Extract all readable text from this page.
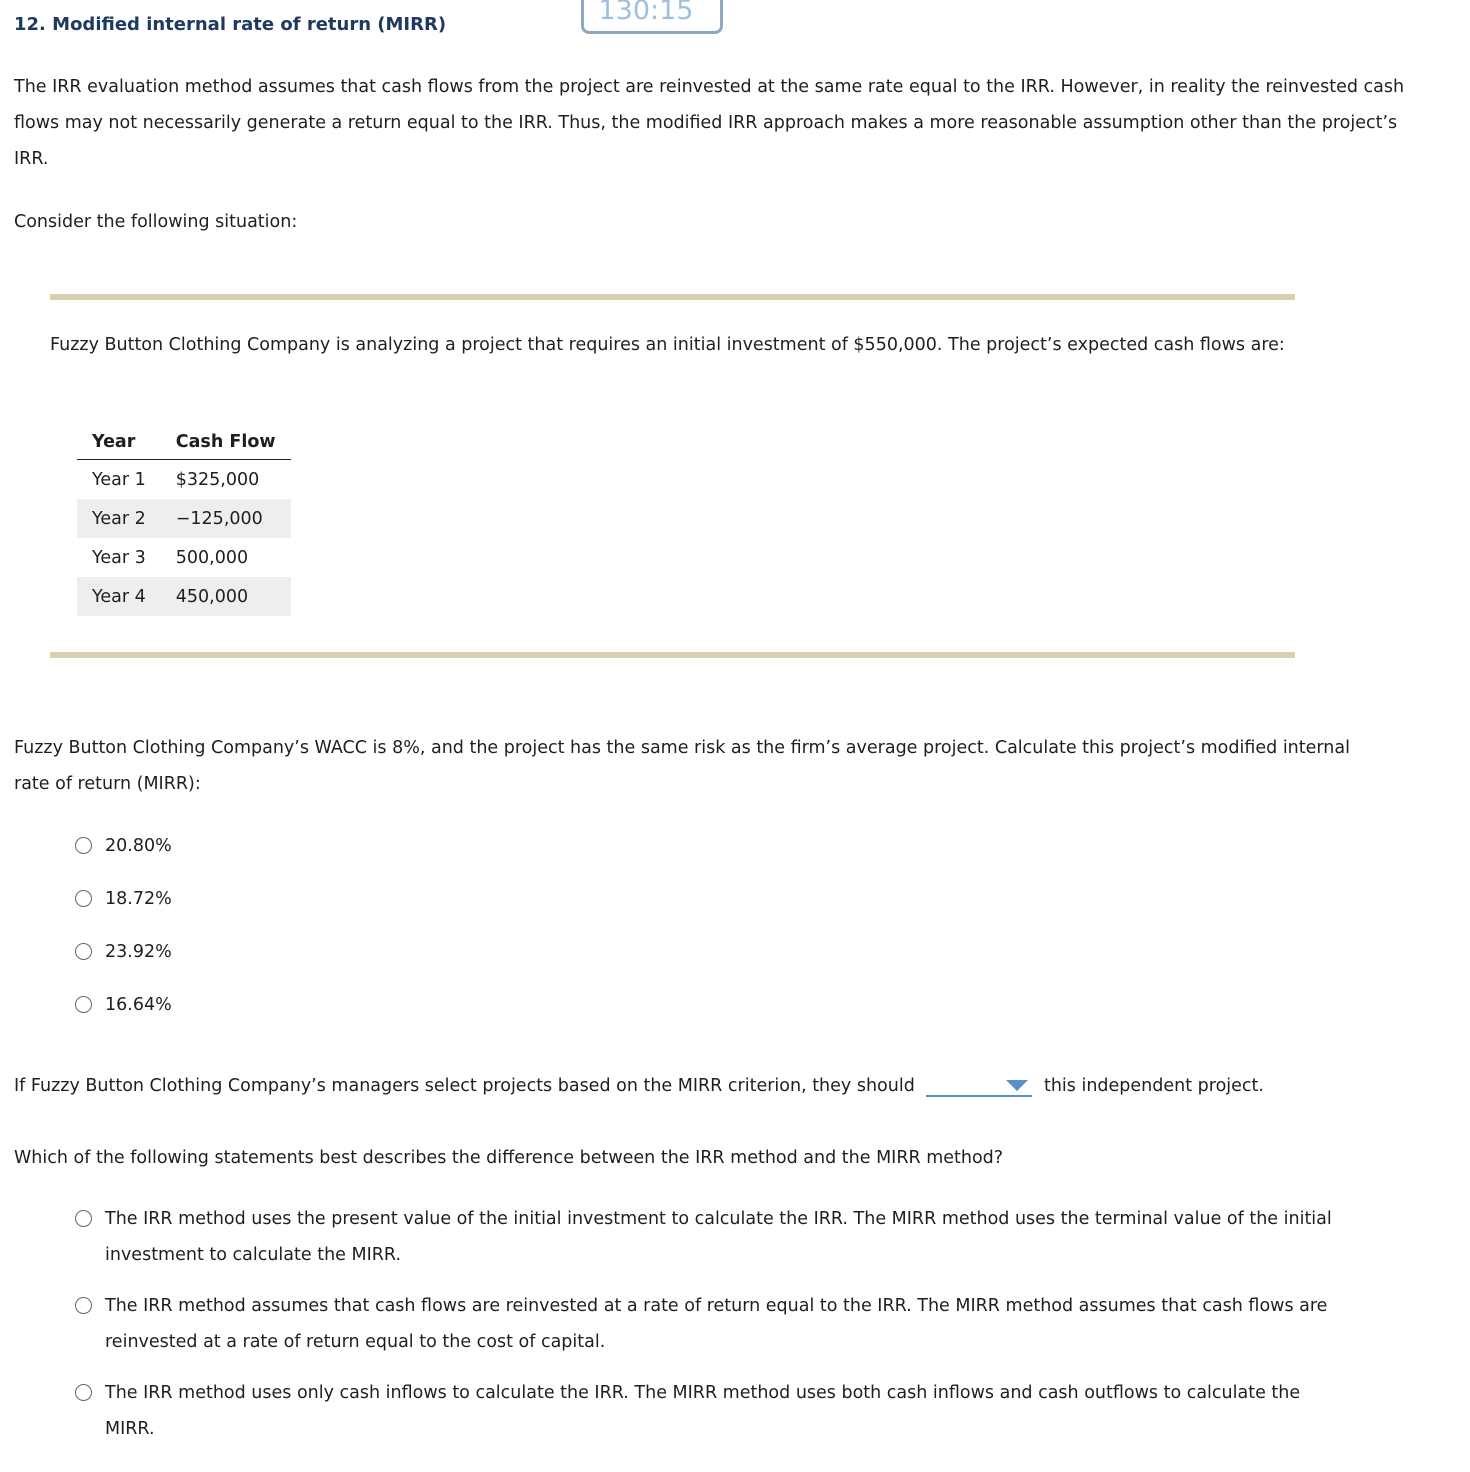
12. Modified internal rate of return (MIRR)	130:15

The IRR evaluation method assumes that cash flows from the project are reinvested at the same rate equal to the IRR. However, in reality the reinvested cash flows may not necessarily generate a return equal to the IRR. Thus, the modified IRR approach makes a more reasonable assumption other than the project’s IRR.

Consider the following situation:

Fuzzy Button Clothing Company is analyzing a project that requires an initial investment of $550,000. The project’s expected cash flows are:

Year	Cash Flow
Year 1	$325,000
Year 2	−125,000
Year 3	500,000
Year 4	450,000

Fuzzy Button Clothing Company’s WACC is 8%, and the project has the same risk as the firm’s average project. Calculate this project’s modified internal rate of return (MIRR):

20.80%
18.72%
23.92%
16.64%

If Fuzzy Button Clothing Company’s managers select projects based on the MIRR criterion, they should	this independent project.

Which of the following statements best describes the difference between the IRR method and the MIRR method?

The IRR method uses the present value of the initial investment to calculate the IRR. The MIRR method uses the terminal value of the initial investment to calculate the MIRR.
The IRR method assumes that cash flows are reinvested at a rate of return equal to the IRR. The MIRR method assumes that cash flows are reinvested at a rate of return equal to the cost of capital.
The IRR method uses only cash inflows to calculate the IRR. The MIRR method uses both cash inflows and cash outflows to calculate the MIRR.
